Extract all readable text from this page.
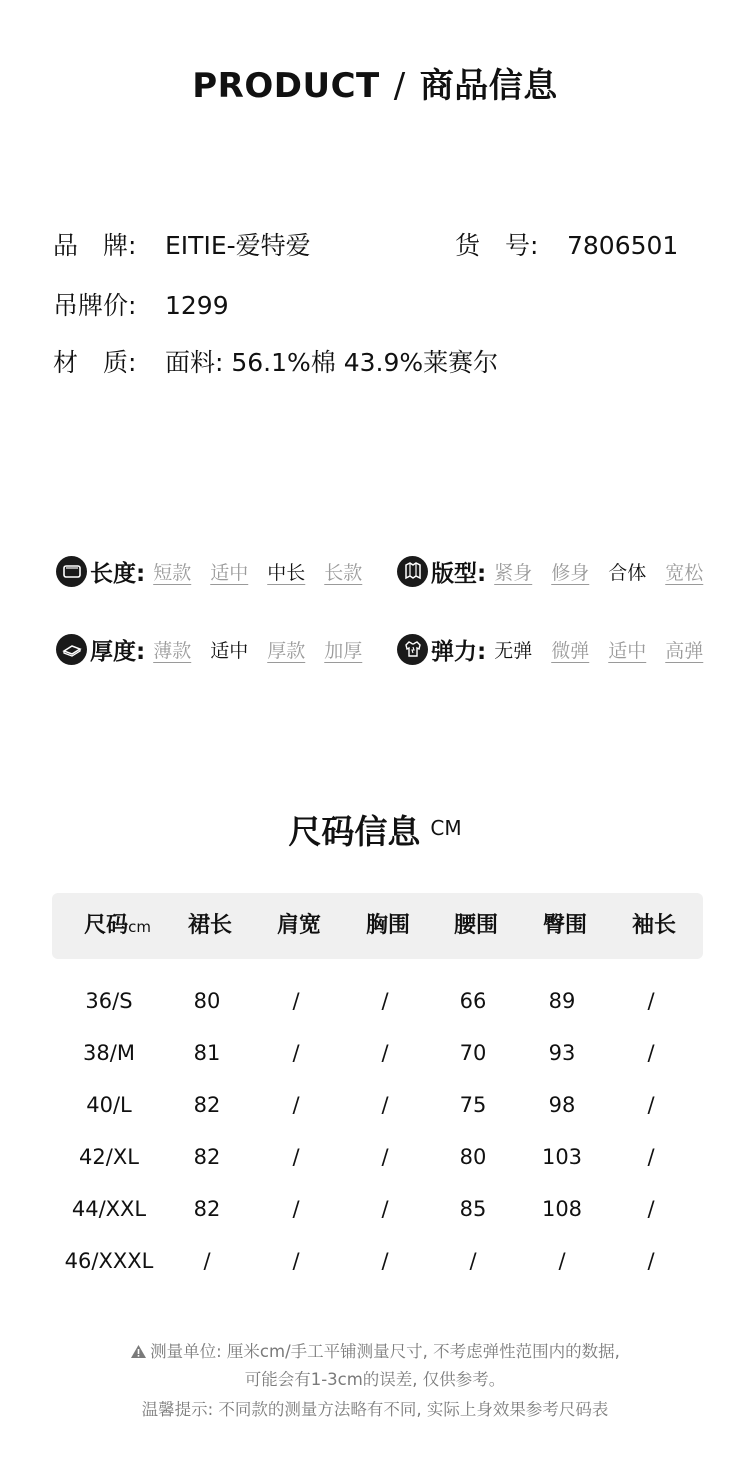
PRODUCT / 商品信息
品　牌: EITIE-爱特爱	货　号: 7806501
吊牌价: 1299
材　质: 面料: 56.1%棉 43.9%莱赛尔
长度: 短款 适中 中长 长款	版型: 紧身 修身 合体 宽松
厚度: 薄款 适中 厚款 加厚	弹力: 无弹 微弹 适中 高弹
尺码信息 $^{CM}$
尺码cm	裙长	肩宽	胸围	腰围	臀围	袖长
36/S	80	/	/	66	89	/
38/M	81	/	/	70	93	/
40/L	82	/	/	75	98	/
42/XL	82	/	/	80	103	/
44/XXL	82	/	/	85	108	/
46/XXXL	/	/	/	/	/	/
测量单位: 厘米cm/手工平铺测量尺寸, 不考虑弹性范围内的数据,
可能会有1-3cm的误差, 仅供参考。
温馨提示: 不同款的测量方法略有不同, 实际上身效果参考尺码表
